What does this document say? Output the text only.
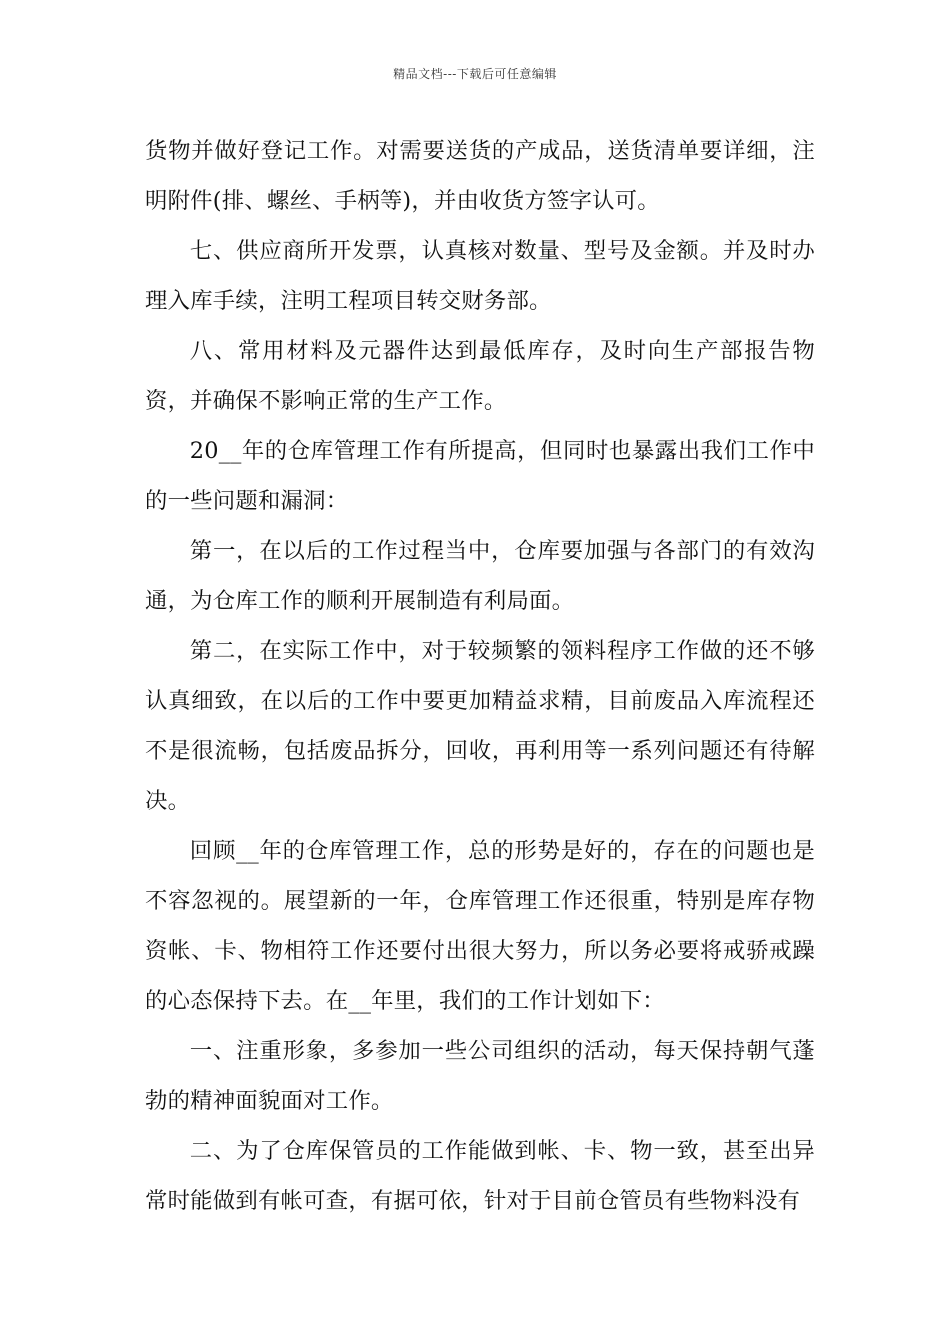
精品文档---下载后可任意编辑

货物并做好登记工作。对需要送货的产成品，送货清单要详细，注明附件(排、螺丝、手柄等)，并由收货方签字认可。

七、供应商所开发票，认真核对数量、型号及金额。并及时办理入库手续，注明工程项目转交财务部。

八、常用材料及元器件达到最低库存，及时向生产部报告物资，并确保不影响正常的生产工作。

20__年的仓库管理工作有所提高，但同时也暴露出我们工作中的一些问题和漏洞：

第一，在以后的工作过程当中，仓库要加强与各部门的有效沟通，为仓库工作的顺利开展制造有利局面。

第二，在实际工作中，对于较频繁的领料程序工作做的还不够认真细致，在以后的工作中要更加精益求精，目前废品入库流程还不是很流畅，包括废品拆分，回收，再利用等一系列问题还有待解决。

回顾__年的仓库管理工作，总的形势是好的，存在的问题也是不容忽视的。展望新的一年，仓库管理工作还很重，特别是库存物资帐、卡、物相符工作还要付出很大努力，所以务必要将戒骄戒躁的心态保持下去。在__年里，我们的工作计划如下：

一、注重形象，多参加一些公司组织的活动，每天保持朝气蓬勃的精神面貌面对工作。

二、为了仓库保管员的工作能做到帐、卡、物一致，甚至出异常时能做到有帐可查，有据可依，针对于目前仓管员有些物料没有
